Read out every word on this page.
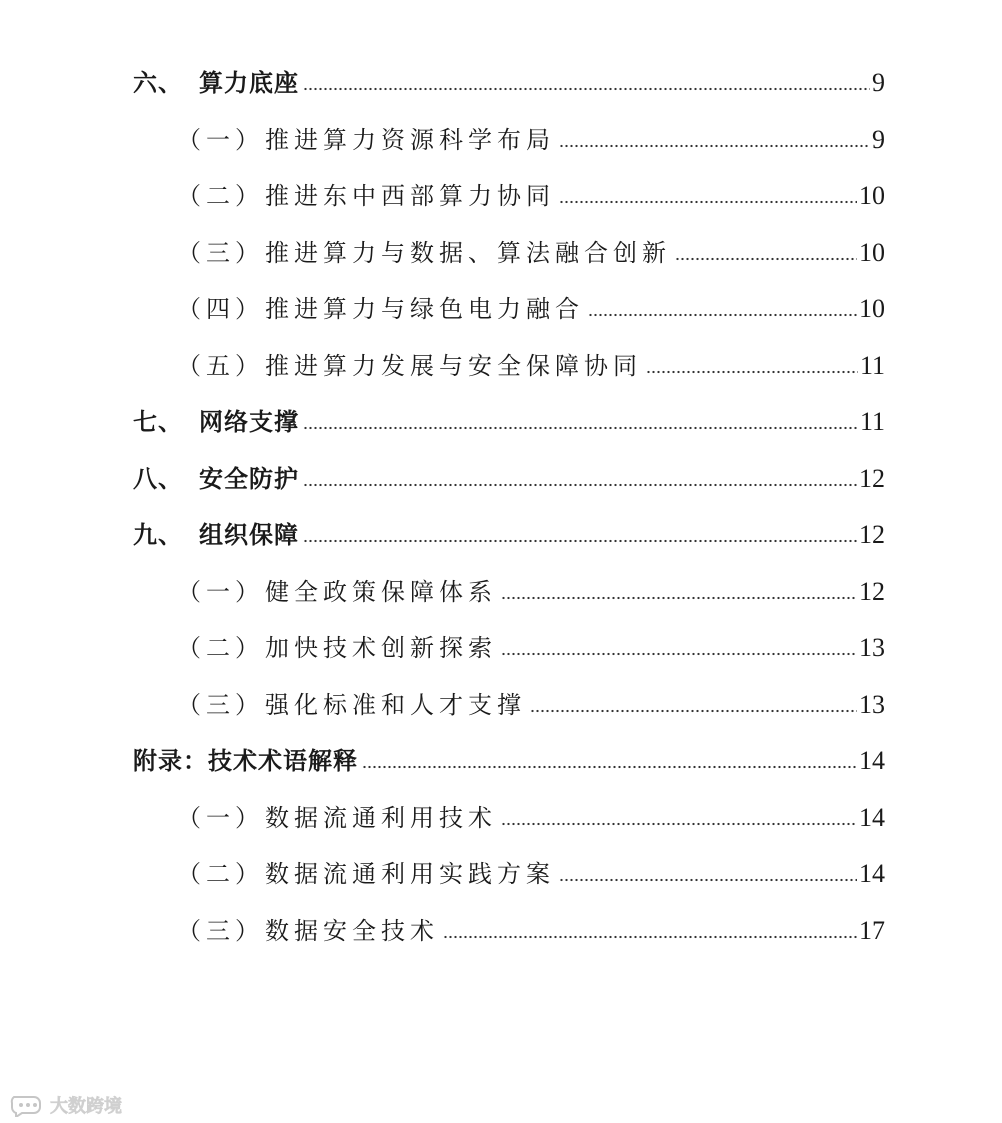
六、 算力底座	9
（一） 推进算力资源科学布局	9
（二） 推进东中西部算力协同	10
（三） 推进算力与数据、算法融合创新	10
（四） 推进算力与绿色电力融合	10
（五） 推进算力发展与安全保障协同	11
七、 网络支撑	11
八、 安全防护	12
九、 组织保障	12
（一） 健全政策保障体系	12
（二） 加快技术创新探索	13
（三） 强化标准和人才支撑	13
附录：技术术语解释	14
（一） 数据流通利用技术	14
（二） 数据流通利用实践方案	14
（三） 数据安全技术	17
大数跨境
